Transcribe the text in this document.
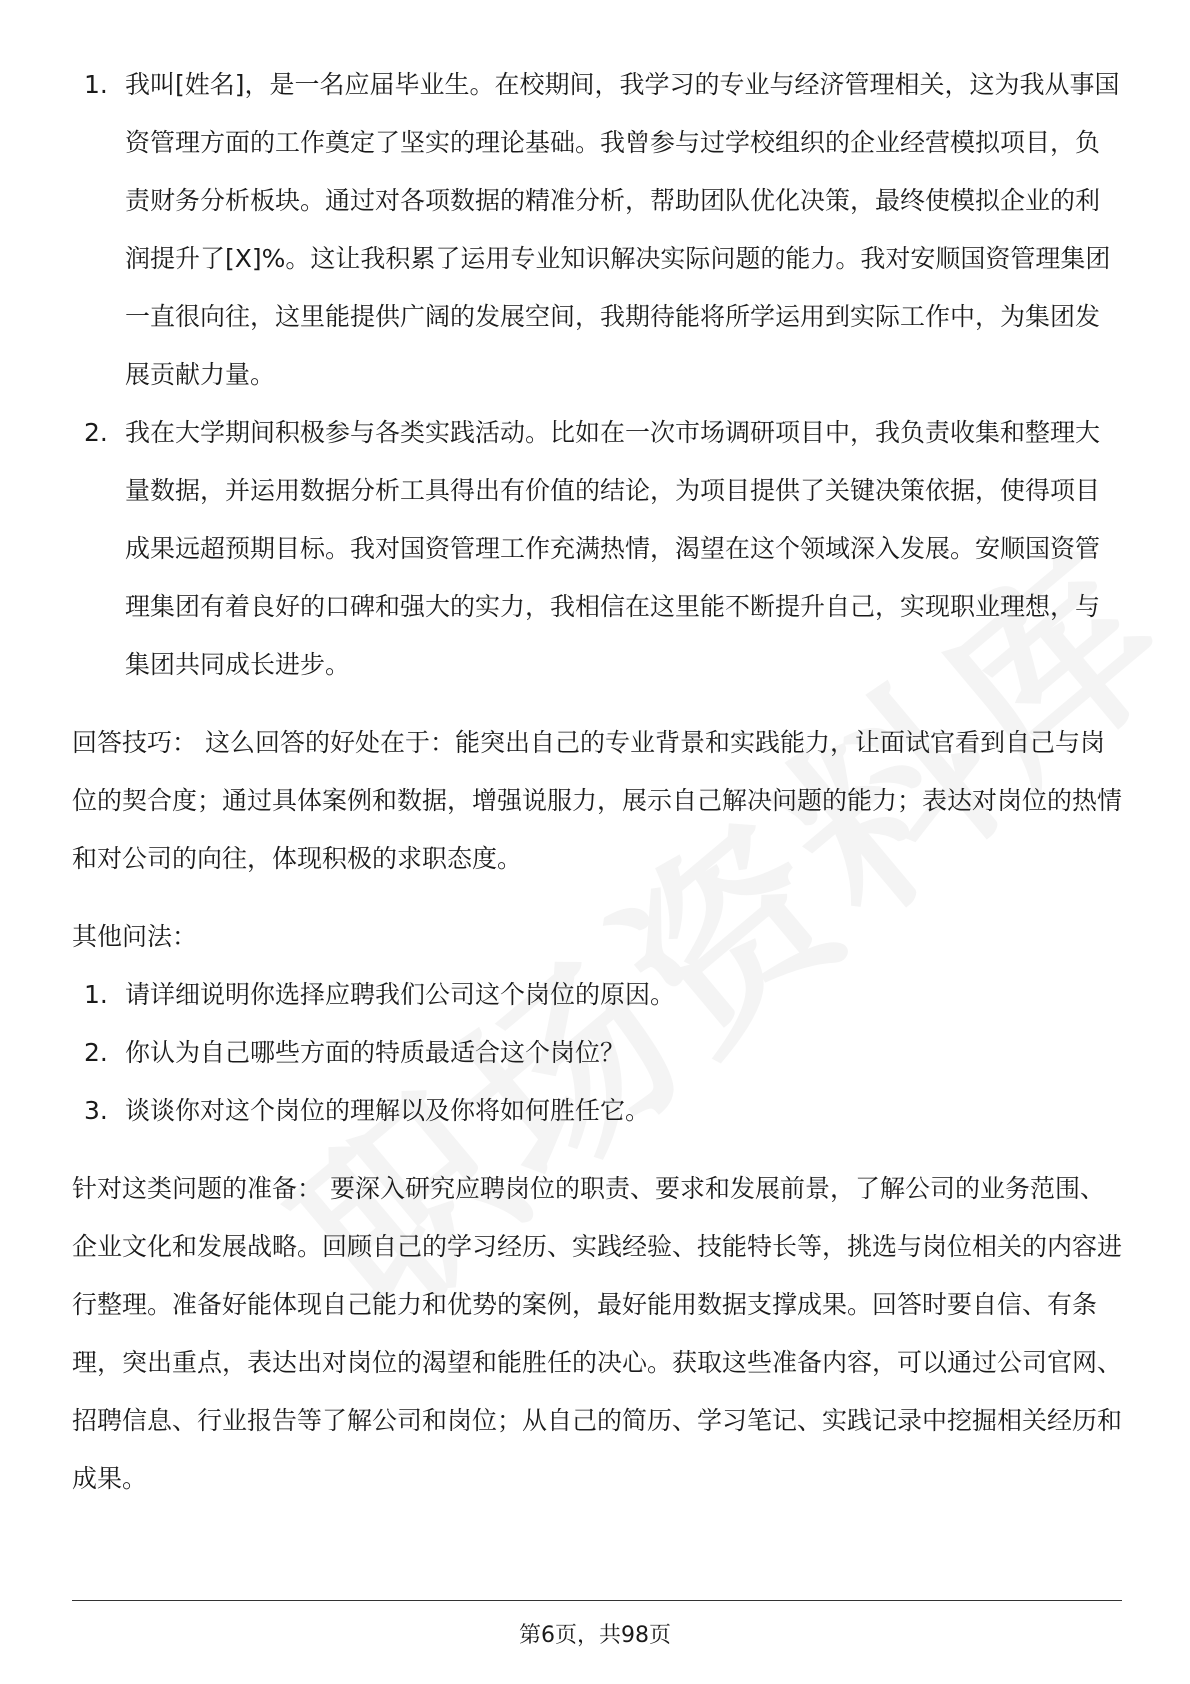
1. 我叫[姓名]，是一名应届毕业生。在校期间，我学习的专业与经济管理相关，这为我从事国资管理方面的工作奠定了坚实的理论基础。我曾参与过学校组织的企业经营模拟项目，负责财务分析板块。通过对各项数据的精准分析，帮助团队优化决策，最终使模拟企业的利润提升了[X]%。这让我积累了运用专业知识解决实际问题的能力。我对安顺国资管理集团一直很向往，这里能提供广阔的发展空间，我期待能将所学运用到实际工作中，为集团发展贡献力量。
2. 我在大学期间积极参与各类实践活动。比如在一次市场调研项目中，我负责收集和整理大量数据，并运用数据分析工具得出有价值的结论，为项目提供了关键决策依据，使得项目成果远超预期目标。我对国资管理工作充满热情，渴望在这个领域深入发展。安顺国资管理集团有着良好的口碑和强大的实力，我相信在这里能不断提升自己，实现职业理想，与集团共同成长进步。

回答技巧： 这么回答的好处在于：能突出自己的专业背景和实践能力，让面试官看到自己与岗位的契合度；通过具体案例和数据，增强说服力，展示自己解决问题的能力；表达对岗位的热情和对公司的向往，体现积极的求职态度。

其他问法：

1. 请详细说明你选择应聘我们公司这个岗位的原因。
2. 你认为自己哪些方面的特质最适合这个岗位？
3. 谈谈你对这个岗位的理解以及你将如何胜任它。

针对这类问题的准备： 要深入研究应聘岗位的职责、要求和发展前景，了解公司的业务范围、企业文化和发展战略。回顾自己的学习经历、实践经验、技能特长等，挑选与岗位相关的内容进行整理。准备好能体现自己能力和优势的案例，最好能用数据支撑成果。回答时要自信、有条理，突出重点，表达出对岗位的渴望和能胜任的决心。获取这些准备内容，可以通过公司官网、招聘信息、行业报告等了解公司和岗位；从自己的简历、学习笔记、实践记录中挖掘相关经历和成果。

第6页，共98页
